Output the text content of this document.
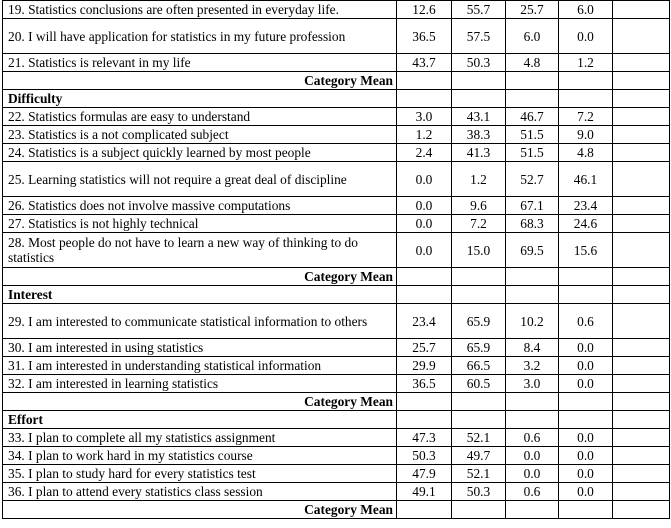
19. Statistics conclusions are often presented in everyday life.	12.6	55.7	25.7	6.0	
20. I will have application for statistics in my future profession	36.5	57.5	6.0	0.0	
21. Statistics is relevant in my life	43.7	50.3	4.8	1.2	
Category Mean					
Difficulty					
22. Statistics formulas are easy to understand	3.0	43.1	46.7	7.2	
23. Statistics is a not complicated subject	1.2	38.3	51.5	9.0	
24. Statistics is a subject quickly learned by most people	2.4	41.3	51.5	4.8	
25. Learning statistics will not require a great deal of discipline	0.0	1.2	52.7	46.1	
26. Statistics does not involve massive computations	0.0	9.6	67.1	23.4	
27. Statistics is not highly technical	0.0	7.2	68.3	24.6	
28. Most people do not have to learn a new way of thinking to do statistics	0.0	15.0	69.5	15.6	
Category Mean					
Interest					
29. I am interested to communicate statistical information to others	23.4	65.9	10.2	0.6	
30. I am interested in using statistics	25.7	65.9	8.4	0.0	
31. I am interested in understanding statistical information	29.9	66.5	3.2	0.0	
32. I am interested in learning statistics	36.5	60.5	3.0	0.0	
Category Mean					
Effort					
33. I plan to complete all my statistics assignment	47.3	52.1	0.6	0.0	
34. I plan to work hard in my statistics course	50.3	49.7	0.0	0.0	
35. I plan to study hard for every statistics test	47.9	52.1	0.0	0.0	
36. I plan to attend every statistics class session	49.1	50.3	0.6	0.0	
Category Mean					
